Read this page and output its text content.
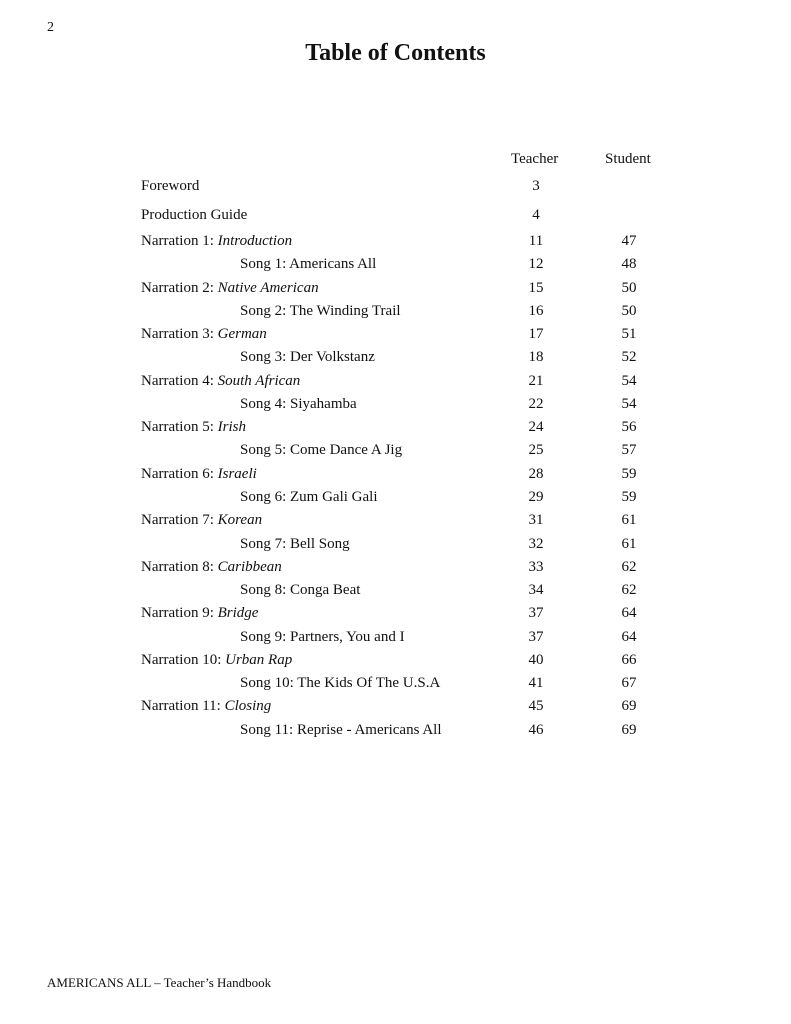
2
Table of Contents
Teacher	Student
Foreword	3
Production Guide	4
Narration 1: Introduction	11	47
Song 1: Americans All	12	48
Narration 2: Native American	15	50
Song 2: The Winding Trail	16	50
Narration 3: German	17	51
Song 3: Der Volkstanz	18	52
Narration 4: South African	21	54
Song 4: Siyahamba	22	54
Narration 5: Irish	24	56
Song 5: Come Dance A Jig	25	57
Narration 6: Israeli	28	59
Song 6: Zum Gali Gali	29	59
Narration 7: Korean	31	61
Song 7: Bell Song	32	61
Narration 8: Caribbean	33	62
Song 8: Conga Beat	34	62
Narration 9: Bridge	37	64
Song 9: Partners, You and I	37	64
Narration 10: Urban Rap	40	66
Song 10: The Kids Of The U.S.A	41	67
Narration 11: Closing	45	69
Song 11: Reprise - Americans All	46	69
AMERICANS ALL – Teacher’s Handbook
